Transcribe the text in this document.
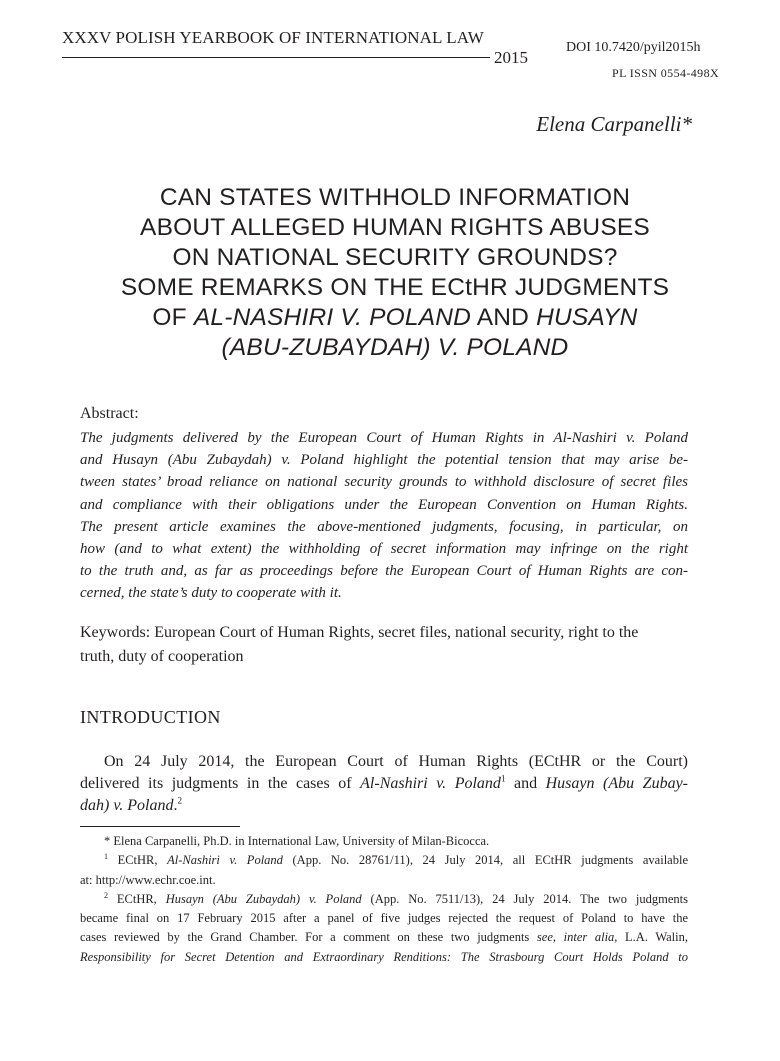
XXXV POLISH YEARBOOK OF INTERNATIONAL LAW
2015
DOI 10.7420/pyil2015h
PL ISSN 0554-498X
Elena Carpanelli*
CAN STATES WITHHOLD INFORMATION
ABOUT ALLEGED HUMAN RIGHTS ABUSES
ON NATIONAL SECURITY GROUNDS?
SOME REMARKS ON THE ECtHR JUDGMENTS
OF AL-NASHIRI V. POLAND AND HUSAYN
(ABU-ZUBAYDAH) V. POLAND
Abstract:
The judgments delivered by the European Court of Human Rights in Al-Nashiri v. Poland
and Husayn (Abu Zubaydah) v. Poland highlight the potential tension that may arise be-
tween states’ broad reliance on national security grounds to withhold disclosure of secret files
and compliance with their obligations under the European Convention on Human Rights.
The present article examines the above-mentioned judgments, focusing, in particular, on
how (and to what extent) the withholding of secret information may infringe on the right
to the truth and, as far as proceedings before the European Court of Human Rights are con-
cerned, the state’s duty to cooperate with it.
Keywords: European Court of Human Rights, secret files, national security, right to the
truth, duty of cooperation
INTRODUCTION
On 24 July 2014, the European Court of Human Rights (ECtHR or the Court)
delivered its judgments in the cases of Al-Nashiri v. Poland$^1$ and Husayn (Abu Zubay-
dah) v. Poland.$^2$
* Elena Carpanelli, Ph.D. in International Law, University of Milan-Bicocca.
$^1$ ECtHR, Al-Nashiri v. Poland (App. No. 28761/11), 24 July 2014, all ECtHR judgments available
at: http://www.echr.coe.int.
$^2$ ECtHR, Husayn (Abu Zubaydah) v. Poland (App. No. 7511/13), 24 July 2014. The two judgments
became final on 17 February 2015 after a panel of five judges rejected the request of Poland to have the
cases reviewed by the Grand Chamber. For a comment on these two judgments see, inter alia, L.A. Walin,
Responsibility for Secret Detention and Extraordinary Renditions: The Strasbourg Court Holds Poland to
